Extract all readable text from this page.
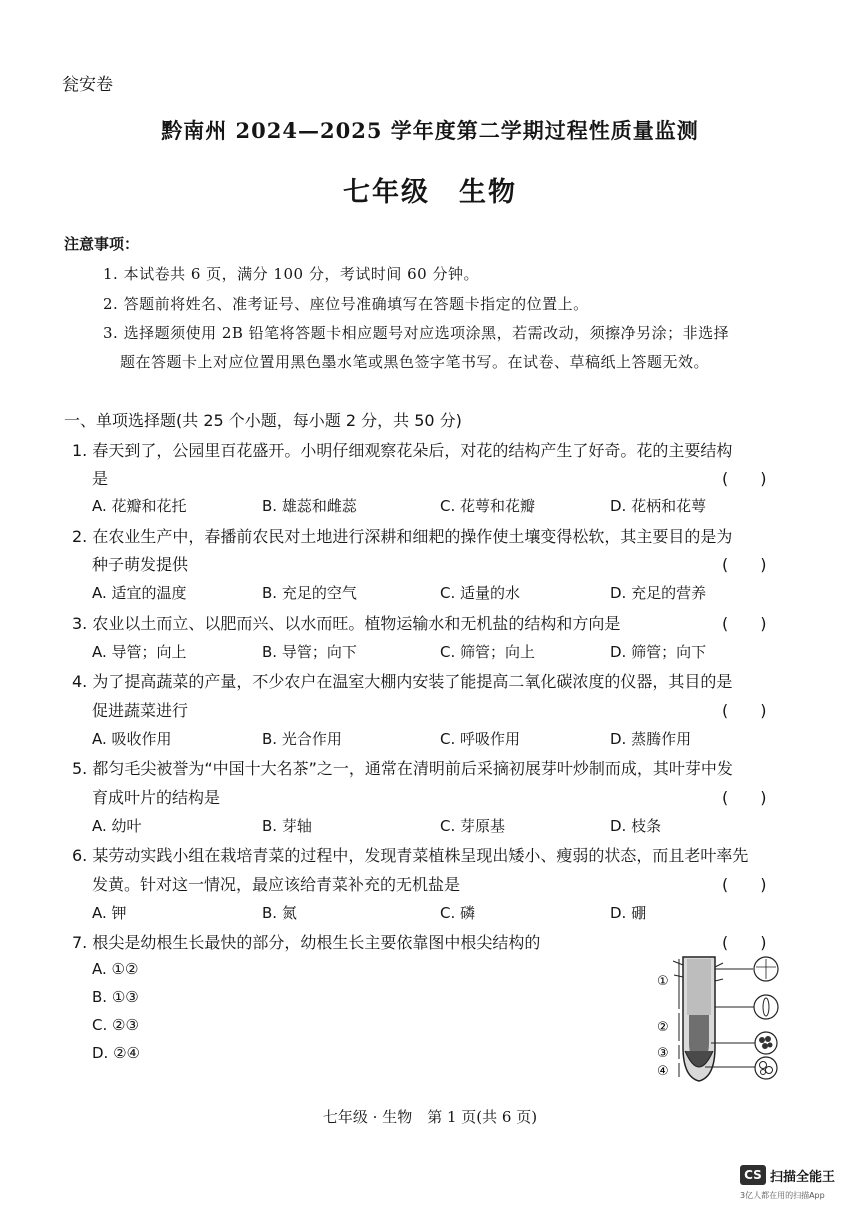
瓮安卷
黔南州 2024—2025 学年度第二学期过程性质量监测
七年级　生物
注意事项：
1. 本试卷共 6 页，满分 100 分，考试时间 60 分钟。
2. 答题前将姓名、准考证号、座位号准确填写在答题卡指定的位置上。
3. 选择题须使用 2B 铅笔将答题卡相应题号对应选项涂黑，若需改动，须擦净另涂；非选择
题在答题卡上对应位置用黑色墨水笔或黑色签字笔书写。在试卷、草稿纸上答题无效。
一、单项选择题(共 25 个小题，每小题 2 分，共 50 分)
1. 春天到了，公园里百花盛开。小明仔细观察花朵后，对花的结构产生了好奇。花的主要结构
是	(　　)
A. 花瓣和花托	B. 雄蕊和雌蕊	C. 花萼和花瓣	D. 花柄和花萼
2. 在农业生产中，春播前农民对土地进行深耕和细耙的操作使土壤变得松软，其主要目的是为
种子萌发提供	(　　)
A. 适宜的温度	B. 充足的空气	C. 适量的水	D. 充足的营养
3. 农业以土而立、以肥而兴、以水而旺。植物运输水和无机盐的结构和方向是	(　　)
A. 导管；向上	B. 导管；向下	C. 筛管；向上	D. 筛管；向下
4. 为了提高蔬菜的产量，不少农户在温室大棚内安装了能提高二氧化碳浓度的仪器，其目的是
促进蔬菜进行	(　　)
A. 吸收作用	B. 光合作用	C. 呼吸作用	D. 蒸腾作用
5. 都匀毛尖被誉为“中国十大名茶”之一，通常在清明前后采摘初展芽叶炒制而成，其叶芽中发
育成叶片的结构是	(　　)
A. 幼叶	B. 芽轴	C. 芽原基	D. 枝条
6. 某劳动实践小组在栽培青菜的过程中，发现青菜植株呈现出矮小、瘦弱的状态，而且老叶率先
发黄。针对这一情况，最应该给青菜补充的无机盐是	(　　)
A. 钾	B. 氮	C. 磷	D. 硼
7. 根尖是幼根生长最快的部分，幼根生长主要依靠图中根尖结构的	(　　)
A. ①②
B. ①③
C. ②③
D. ②④
①
②
③
④
七年级 · 生物　第 1 页(共 6 页)
CS 扫描全能王
3亿人都在用的扫描App
